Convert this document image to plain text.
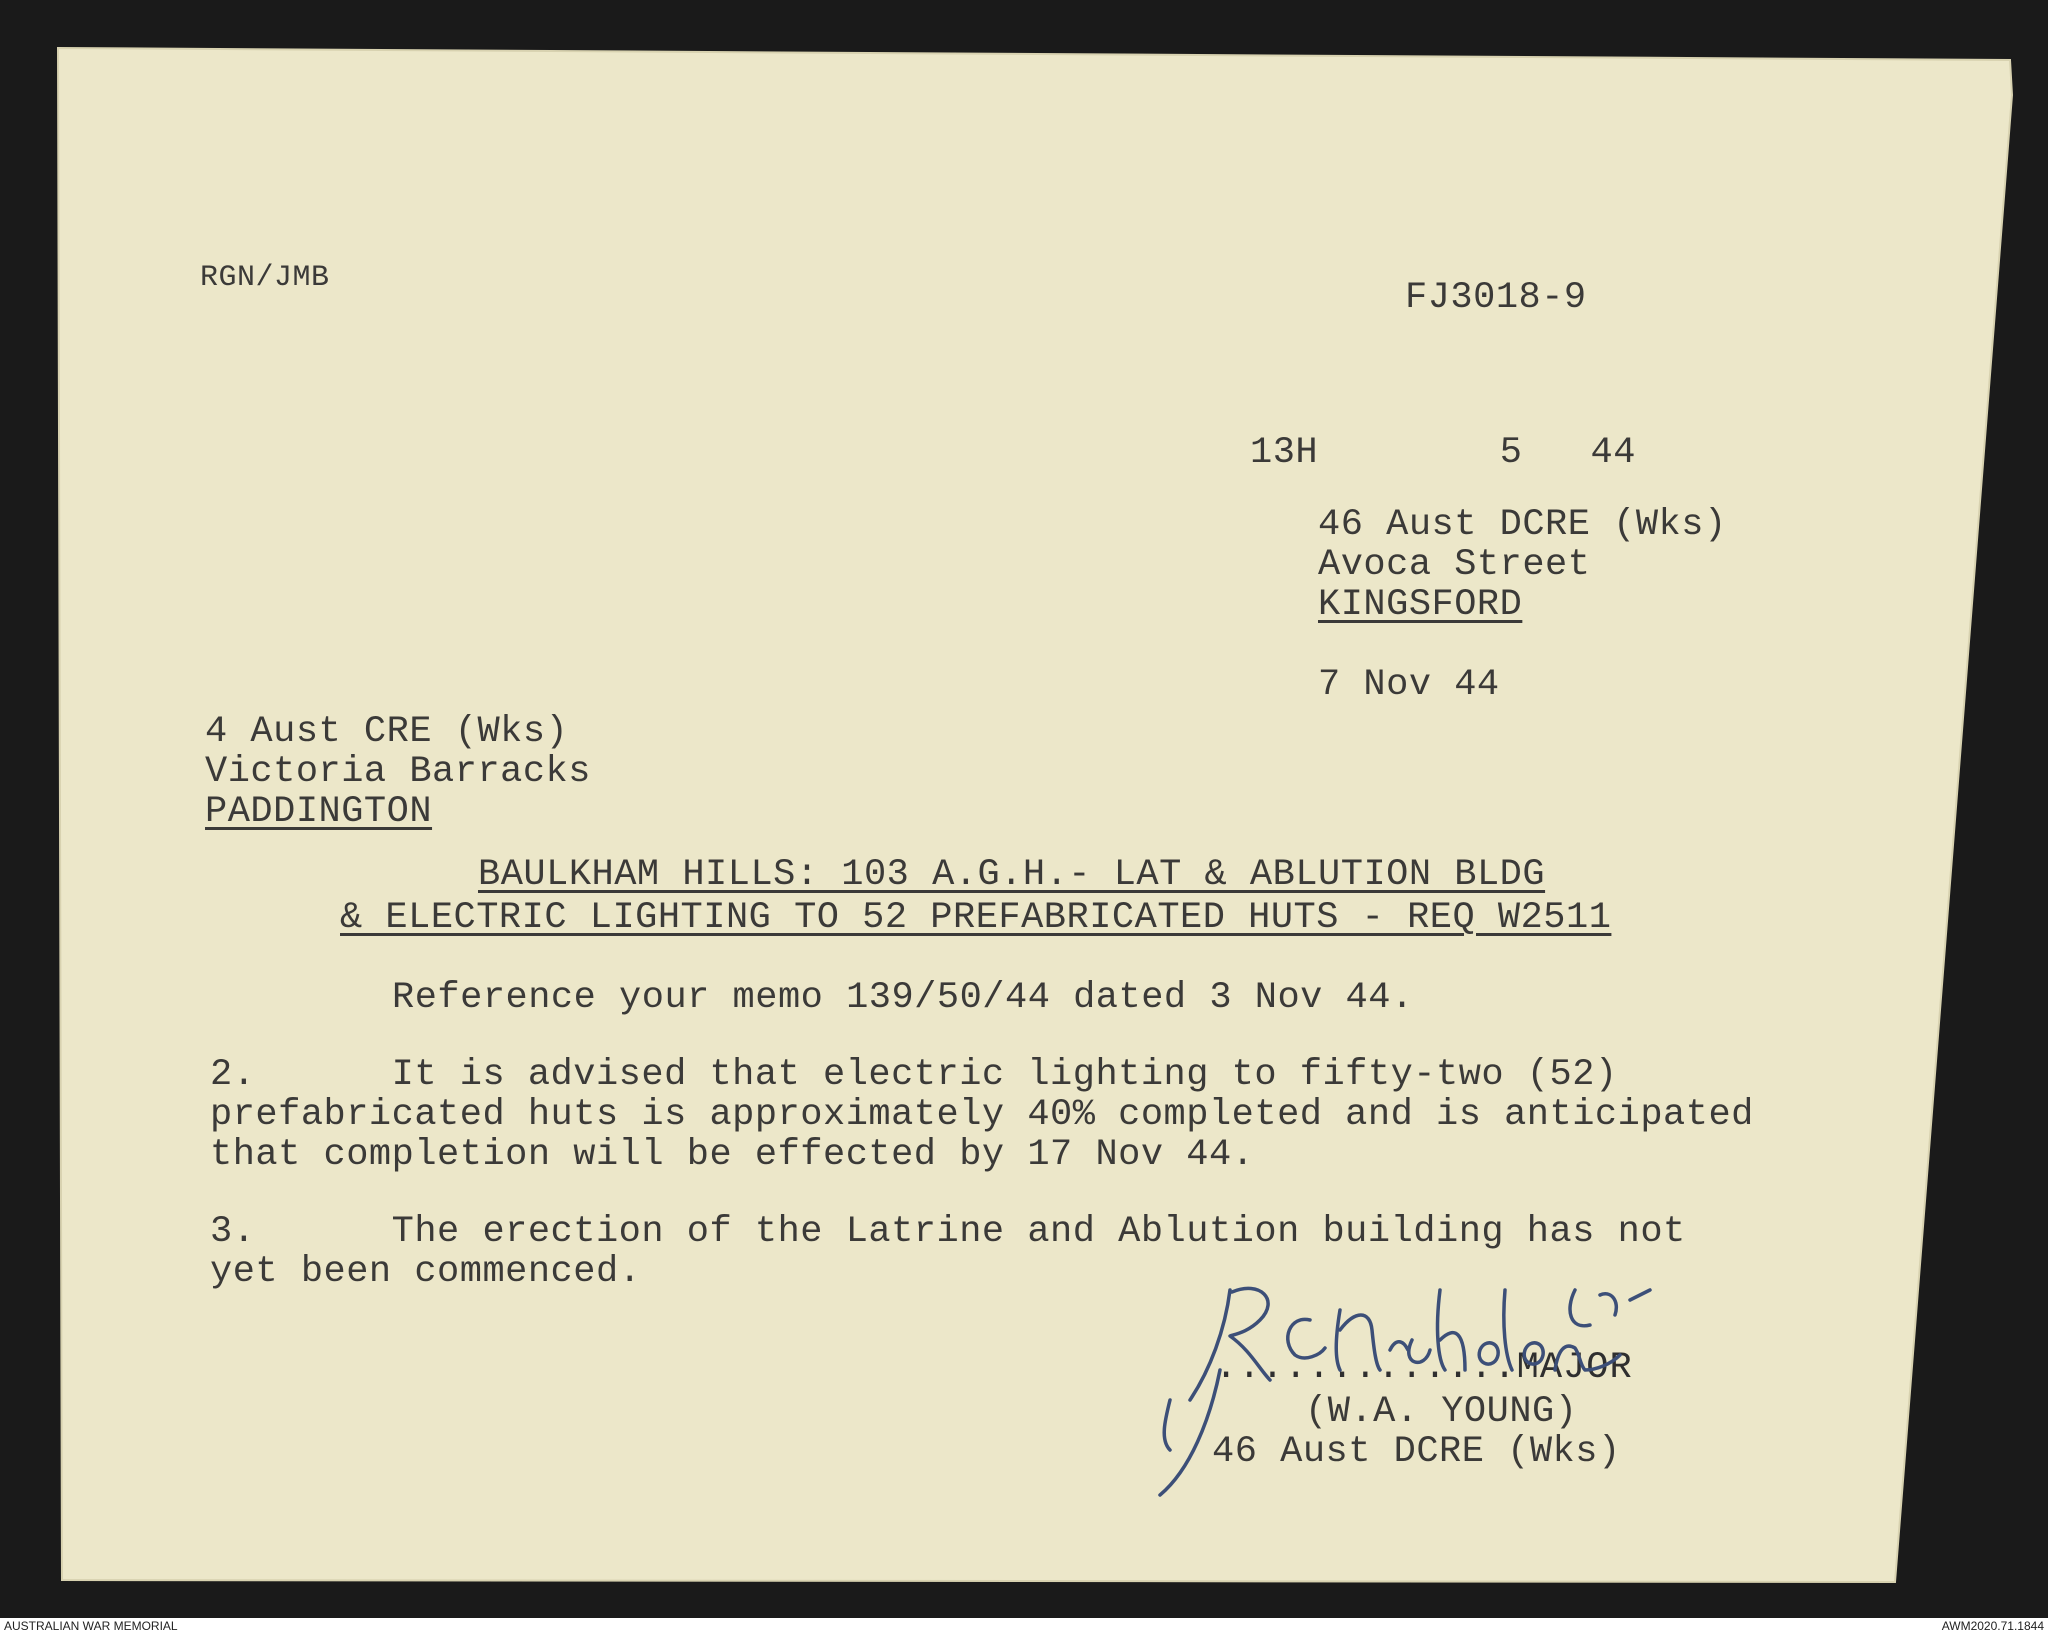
RGN/JMB	FJ3018-9
13H        5   44
46 Aust DCRE (Wks)
Avoca Street
KINGSFORD
7 Nov 44
4 Aust CRE (Wks)
Victoria Barracks
PADDINGTON
BAULKHAM HILLS: 103 A.G.H.- LAT & ABLUTION BLDG
& ELECTRIC LIGHTING TO 52 PREFABRICATED HUTS - REQ W2511
Reference your memo 139/50/44 dated 3 Nov 44.
2.      It is advised that electric lighting to fifty-two (52)
prefabricated huts is approximately 40% completed and is anticipated
that completion will be effected by 17 Nov 44.
3.      The erection of the Latrine and Ablution building has not
yet been commenced.
.............MAJOR
(W.A. YOUNG)
46 Aust DCRE (Wks)
AUSTRALIAN WAR MEMORIAL	AWM2020.71.1844
